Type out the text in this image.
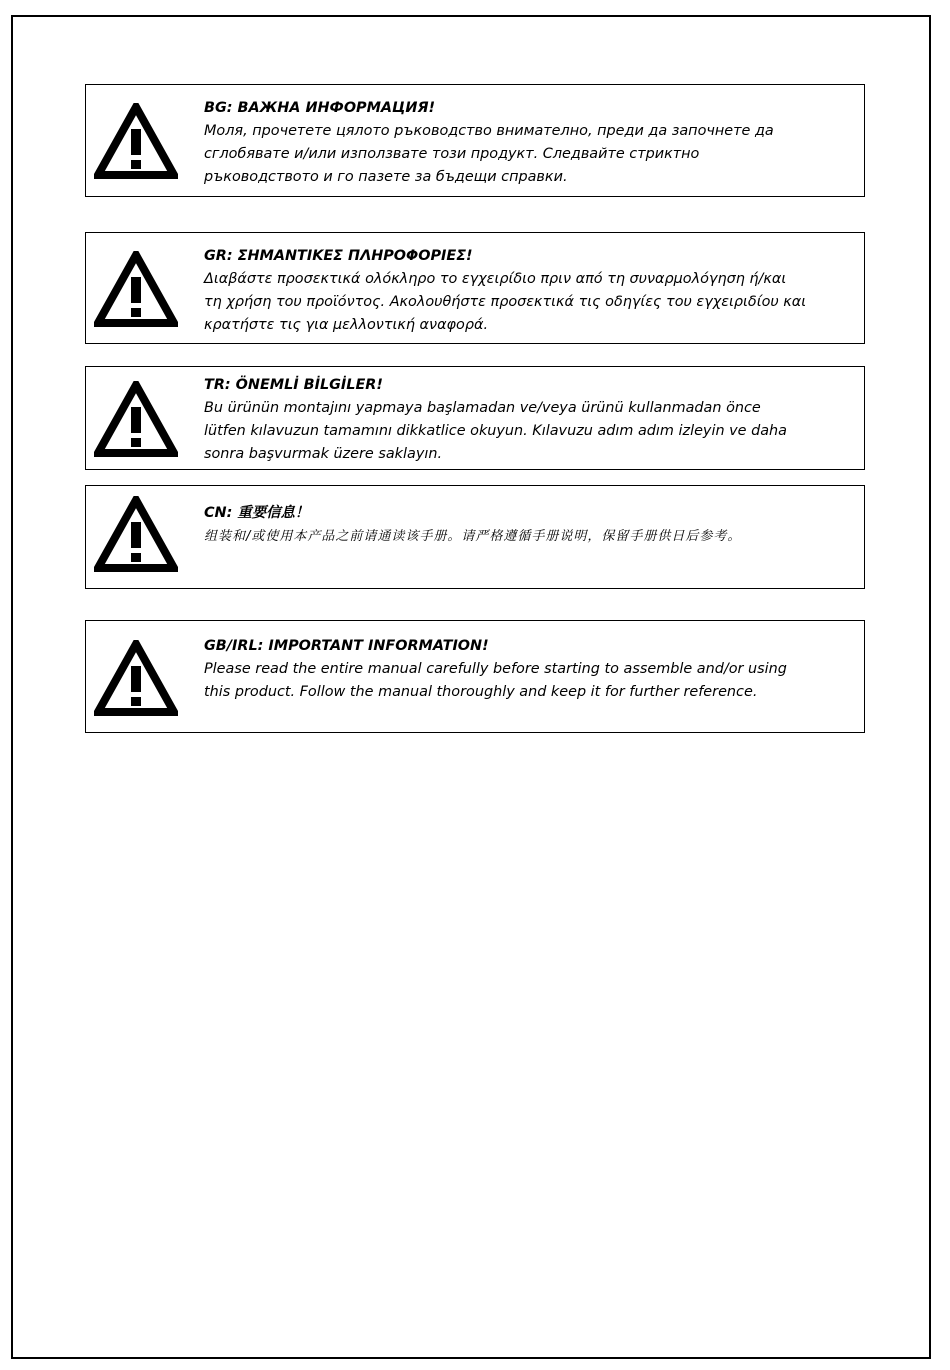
BG: ВАЖНА ИНФОРМАЦИЯ!
Моля, прочетете цялото ръководство внимателно, преди да започнете да
сглобявате и/или използвате този продукт. Следвайте стриктно
ръководството и го пазете за бъдещи справки.
GR: ΣΗΜΑΝΤΙΚΕΣ ΠΛΗΡΟΦΟΡΙΕΣ!
Διαβάστε προσεκτικά ολόκληρο το εγχειρίδιο πριν από τη συναρμολόγηση ή/και
τη χρήση του προϊόντος. Ακολουθήστε προσεκτικά τις οδηγίες του εγχειριδίου και
κρατήστε τις για μελλοντική αναφορά.
TR: ÖNEMLİ BİLGİLER!
Bu ürünün montajını yapmaya başlamadan ve/veya ürünü kullanmadan önce
lütfen kılavuzun tamamını dikkatlice okuyun. Kılavuzu adım adım izleyin ve daha
sonra başvurmak üzere saklayın.
CN: 重要信息！
组装和/或使用本产品之前请通读该手册。请严格遵循手册说明，保留手册供日后参考。
GB/IRL: IMPORTANT INFORMATION!
Please read the entire manual carefully before starting to assemble and/or using
this product. Follow the manual thoroughly and keep it for further reference.
